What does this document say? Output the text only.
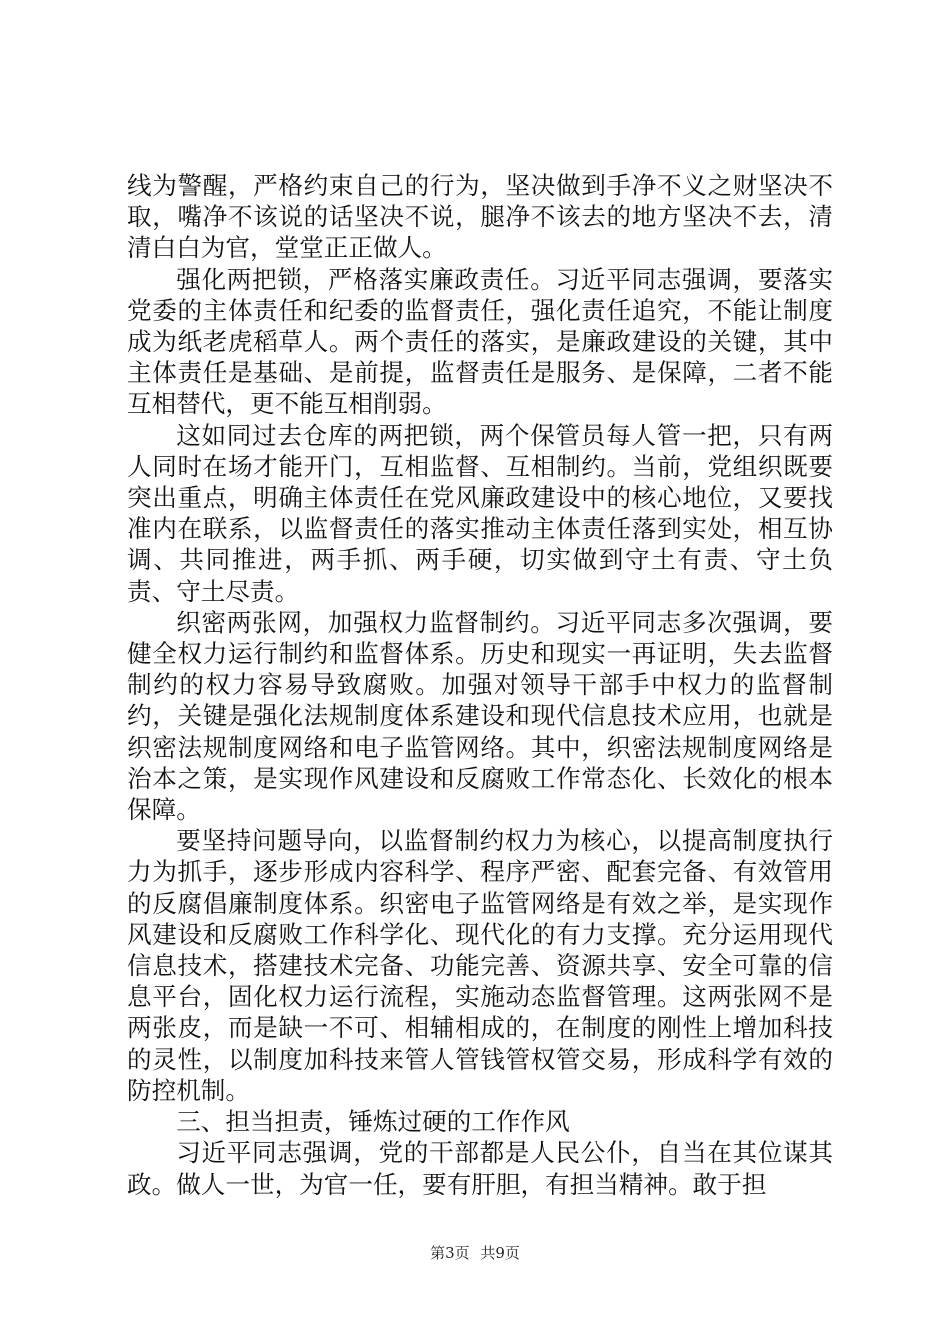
线为警醒，严格约束自己的行为，坚决做到手净不义之财坚决不取，嘴净不该说的话坚决不说，腿净不该去的地方坚决不去，清清白白为官，堂堂正正做人。

强化两把锁，严格落实廉政责任。习近平同志强调，要落实党委的主体责任和纪委的监督责任，强化责任追究，不能让制度成为纸老虎稻草人。两个责任的落实，是廉政建设的关键，其中主体责任是基础、是前提，监督责任是服务、是保障，二者不能互相替代，更不能互相削弱。

这如同过去仓库的两把锁，两个保管员每人管一把，只有两人同时在场才能开门，互相监督、互相制约。当前，党组织既要突出重点，明确主体责任在党风廉政建设中的核心地位，又要找准内在联系，以监督责任的落实推动主体责任落到实处，相互协调、共同推进，两手抓、两手硬，切实做到守土有责、守土负责、守土尽责。

织密两张网，加强权力监督制约。习近平同志多次强调，要健全权力运行制约和监督体系。历史和现实一再证明，失去监督制约的权力容易导致腐败。加强对领导干部手中权力的监督制约，关键是强化法规制度体系建设和现代信息技术应用，也就是织密法规制度网络和电子监管网络。其中，织密法规制度网络是治本之策，是实现作风建设和反腐败工作常态化、长效化的根本保障。

要坚持问题导向，以监督制约权力为核心，以提高制度执行力为抓手，逐步形成内容科学、程序严密、配套完备、有效管用的反腐倡廉制度体系。织密电子监管网络是有效之举，是实现作风建设和反腐败工作科学化、现代化的有力支撑。充分运用现代信息技术，搭建技术完备、功能完善、资源共享、安全可靠的信息平台，固化权力运行流程，实施动态监督管理。这两张网不是两张皮，而是缺一不可、相辅相成的，在制度的刚性上增加科技的灵性，以制度加科技来管人管钱管权管交易，形成科学有效的防控机制。

三、担当担责，锤炼过硬的工作作风

习近平同志强调，党的干部都是人民公仆，自当在其位谋其政。做人一世，为官一任，要有肝胆，有担当精神。敢于担

第3页 共9页
